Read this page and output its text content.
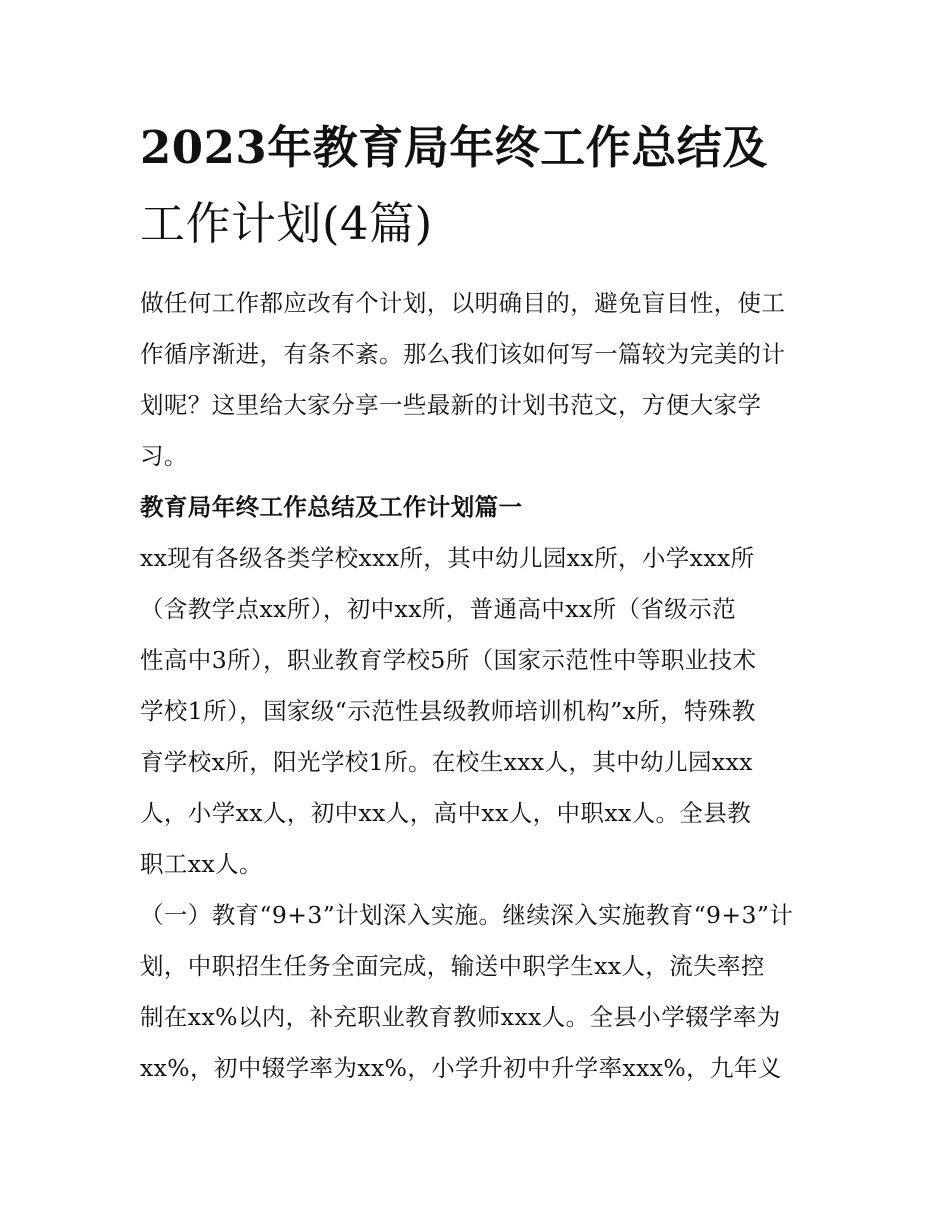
2023年教育局年终工作总结及
工作计划(4篇)

做任何工作都应改有个计划，以明确目的，避免盲目性，使工
作循序渐进，有条不紊。那么我们该如何写一篇较为完美的计
划呢？这里给大家分享一些最新的计划书范文，方便大家学
习。

教育局年终工作总结及工作计划篇一

xx现有各级各类学校xxx所，其中幼儿园xx所，小学xxx所
（含教学点xx所），初中xx所，普通高中xx所（省级示范
性高中3所），职业教育学校5所（国家示范性中等职业技术
学校1所），国家级“示范性县级教师培训机构”x所，特殊教
育学校x所，阳光学校1所。在校生xxx人，其中幼儿园xxx
人，小学xx人，初中xx人，高中xx人，中职xx人。全县教
职工xx人。

（一）教育“9+3”计划深入实施。继续深入实施教育“9+3”计
划，中职招生任务全面完成，输送中职学生xx人，流失率控
制在xx%以内，补充职业教育教师xxx人。全县小学辍学率为
xx%，初中辍学率为xx%，小学升初中升学率xxx%，九年义
